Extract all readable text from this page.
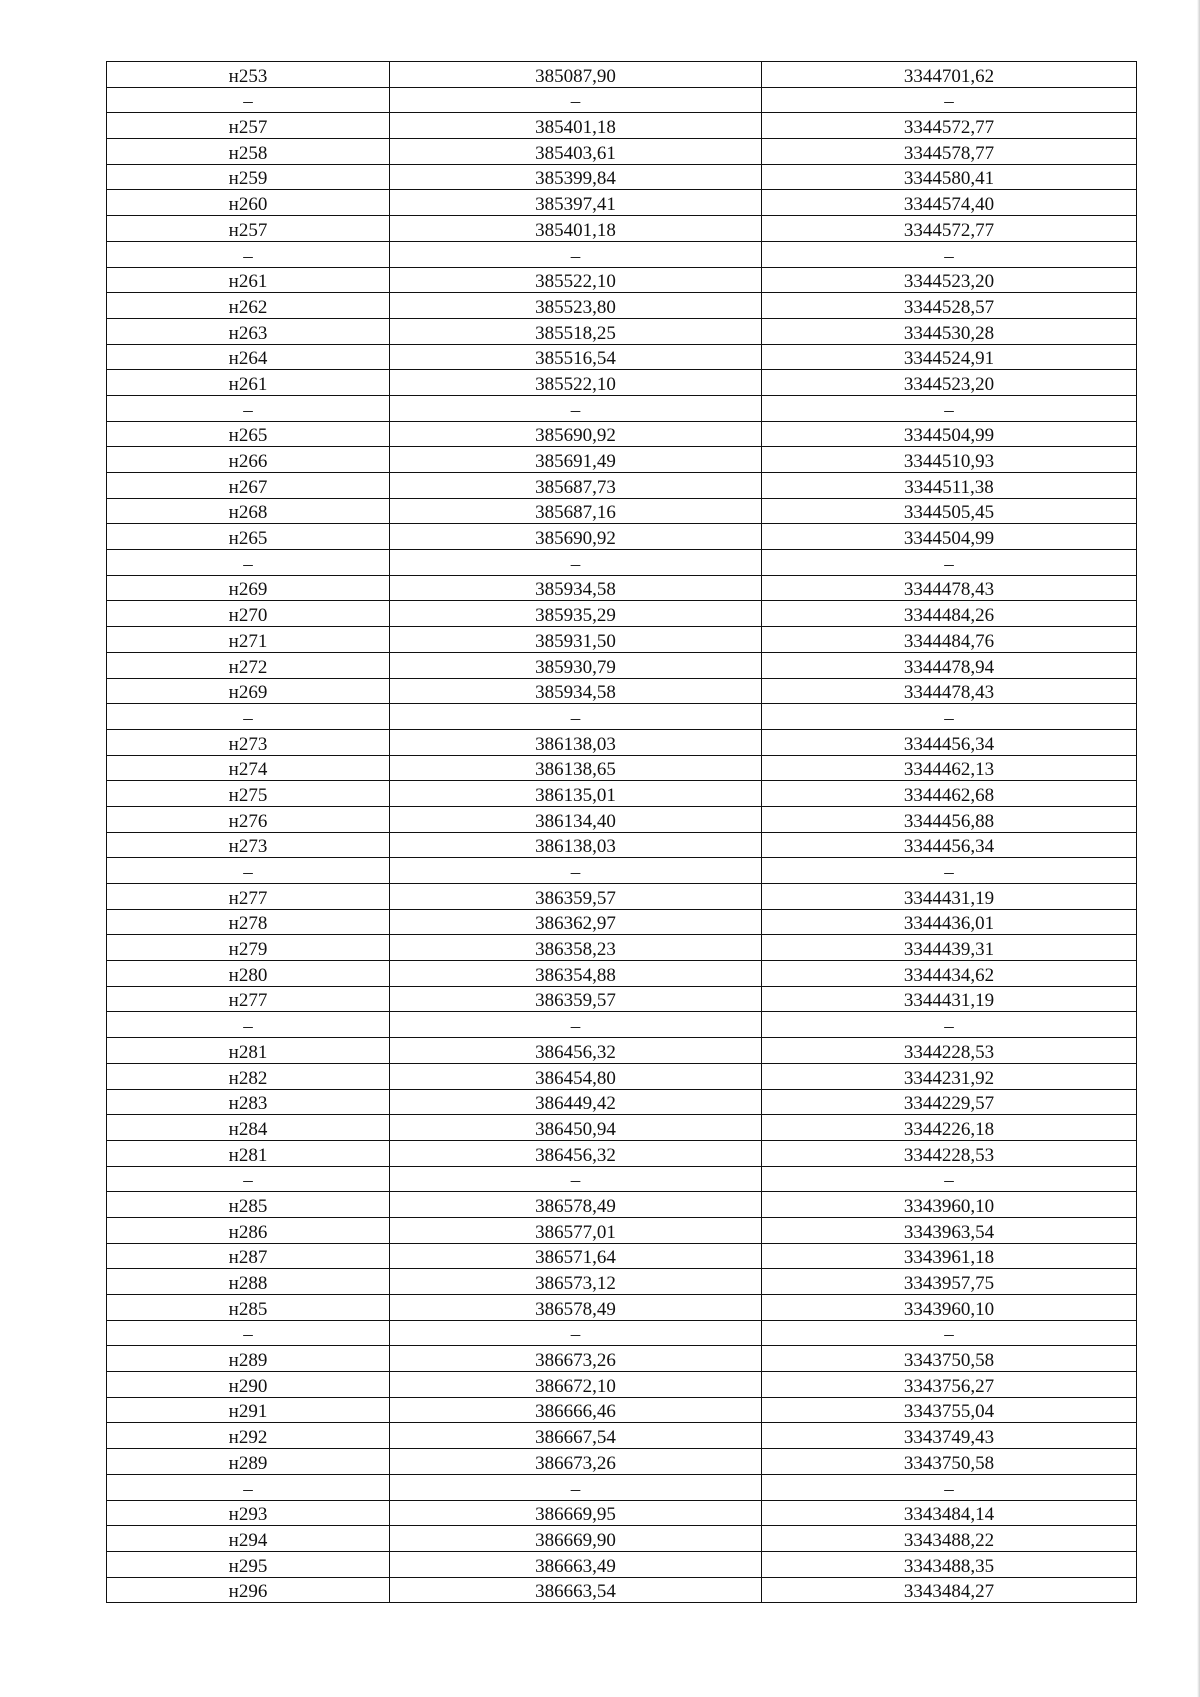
н253	385087,90	3344701,62
–	–	–
н257	385401,18	3344572,77
н258	385403,61	3344578,77
н259	385399,84	3344580,41
н260	385397,41	3344574,40
н257	385401,18	3344572,77
–	–	–
н261	385522,10	3344523,20
н262	385523,80	3344528,57
н263	385518,25	3344530,28
н264	385516,54	3344524,91
н261	385522,10	3344523,20
–	–	–
н265	385690,92	3344504,99
н266	385691,49	3344510,93
н267	385687,73	3344511,38
н268	385687,16	3344505,45
н265	385690,92	3344504,99
–	–	–
н269	385934,58	3344478,43
н270	385935,29	3344484,26
н271	385931,50	3344484,76
н272	385930,79	3344478,94
н269	385934,58	3344478,43
–	–	–
н273	386138,03	3344456,34
н274	386138,65	3344462,13
н275	386135,01	3344462,68
н276	386134,40	3344456,88
н273	386138,03	3344456,34
–	–	–
н277	386359,57	3344431,19
н278	386362,97	3344436,01
н279	386358,23	3344439,31
н280	386354,88	3344434,62
н277	386359,57	3344431,19
–	–	–
н281	386456,32	3344228,53
н282	386454,80	3344231,92
н283	386449,42	3344229,57
н284	386450,94	3344226,18
н281	386456,32	3344228,53
–	–	–
н285	386578,49	3343960,10
н286	386577,01	3343963,54
н287	386571,64	3343961,18
н288	386573,12	3343957,75
н285	386578,49	3343960,10
–	–	–
н289	386673,26	3343750,58
н290	386672,10	3343756,27
н291	386666,46	3343755,04
н292	386667,54	3343749,43
н289	386673,26	3343750,58
–	–	–
н293	386669,95	3343484,14
н294	386669,90	3343488,22
н295	386663,49	3343488,35
н296	386663,54	3343484,27
